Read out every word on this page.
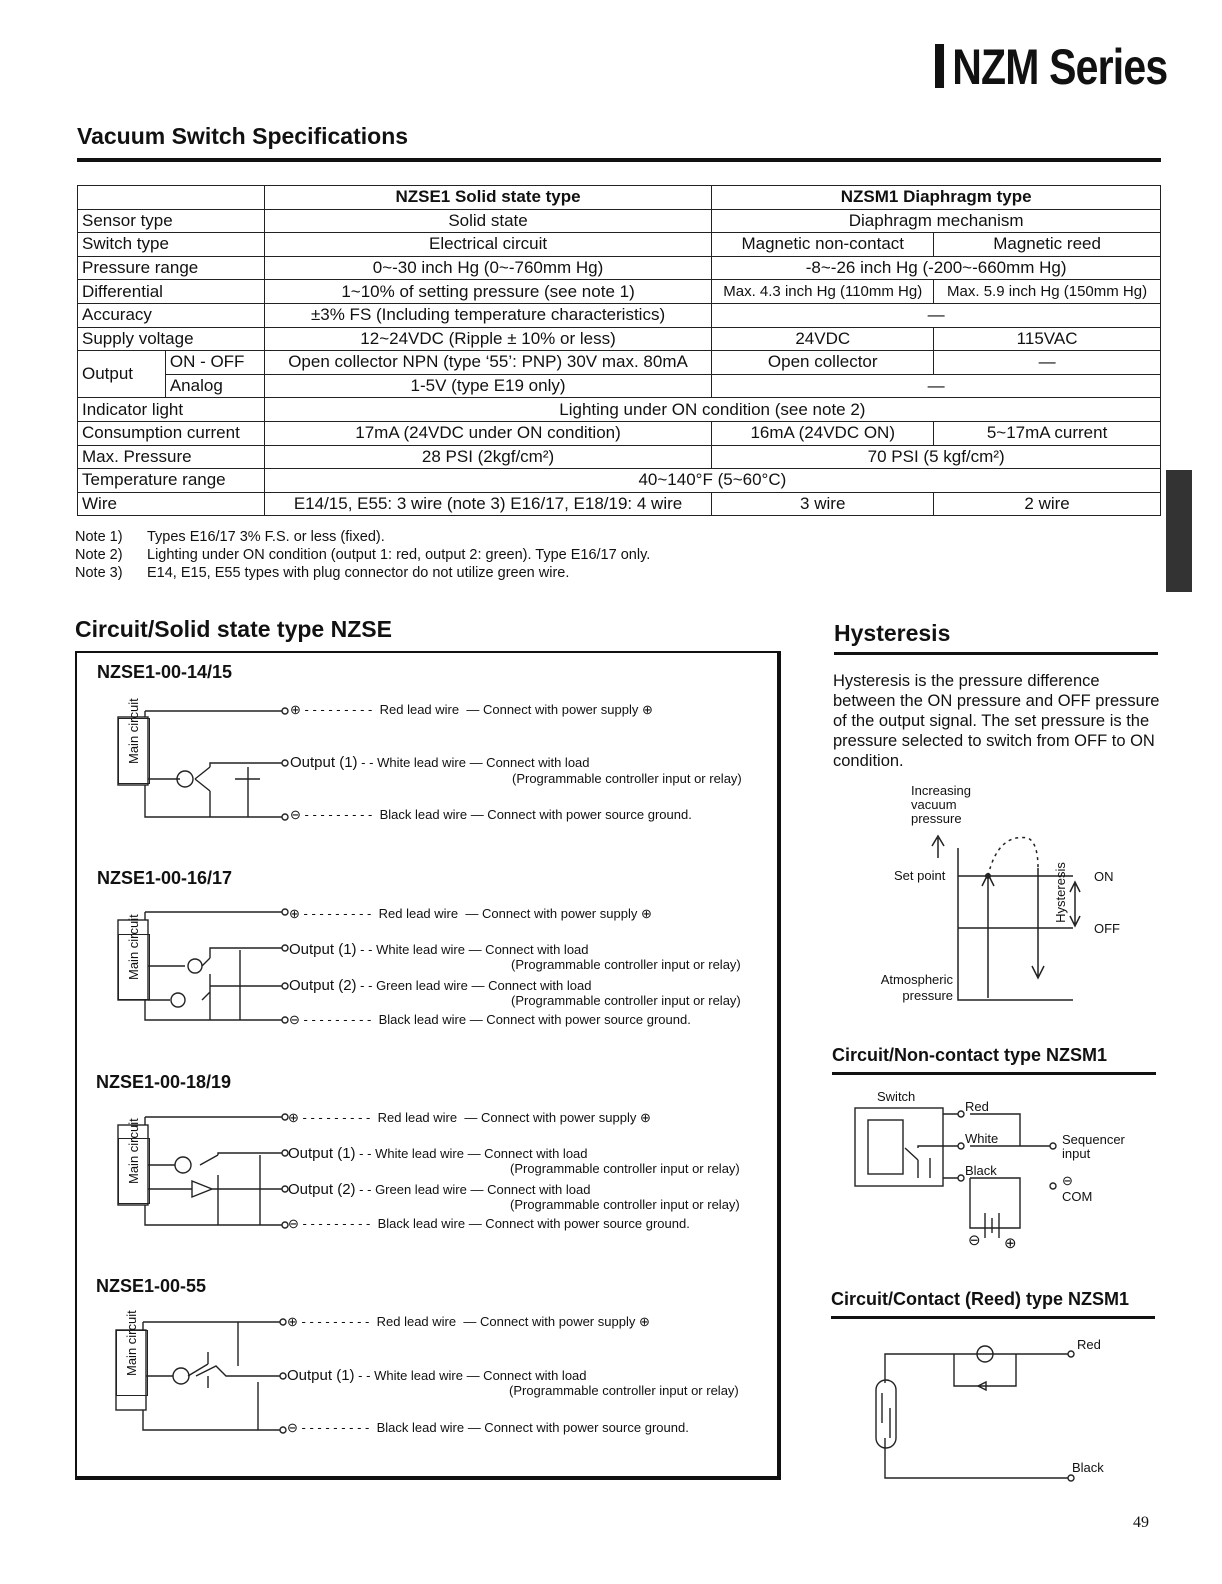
NZM Series
Vacuum Switch Specifications
		NZSE1 Solid state type	NZSM1 Diaphragm type	
Sensor type		Solid state	Diaphragm mechanism	
Switch type		Electrical circuit	Magnetic non-contact	Magnetic reed
Pressure range		0~-30 inch Hg (0~-760mm Hg)	-8~-26 inch Hg (-200~-660mm Hg)	
Differential		1~10% of setting pressure (see note 1)	Max. 4.3 inch Hg (110mm Hg)	Max. 5.9 inch Hg (150mm Hg)
Accuracy		±3% FS (Including temperature characteristics)	—	
Supply voltage		12~24VDC (Ripple ± 10% or less)	24VDC	115VAC
Output	ON - OFF	Open collector NPN (type ‘55’: PNP) 30V max. 80mA	Open collector	—
	Analog	1-5V (type E19 only)	—	
Indicator light		Lighting under ON condition (see note 2)		
Consumption current		17mA (24VDC under ON condition)	16mA (24VDC ON)	5~17mA current
Max. Pressure		28 PSI (2kgf/cm²)	70 PSI (5 kgf/cm²)	
Temperature range		40~140°F (5~60°C)		
Wire		E14/15, E55: 3 wire (note 3) E16/17, E18/19: 4 wire	3 wire	2 wire
Note 1) Types E16/17 3% F.S. or less (fixed).
Note 2) Lighting under ON condition (output 1: red, output 2: green). Type E16/17 only.
Note 3) E14, E15, E55 types with plug connector do not utilize green wire.
Circuit/Solid state type NZSE
NZSE1-00-14/15
Main circuit	⊕ - - - - - - - - - Red lead wire — Connect with power supply ⊕
Output (1) - - White lead wire — Connect with load
(Programmable controller input or relay)
⊖ - - - - - - - - - Black lead wire — Connect with power source ground.
NZSE1-00-16/17
Main circuit
⊕ - - - - - - - - - Red lead wire — Connect with power supply ⊕
Output (1) - - White lead wire — Connect with load
(Programmable controller input or relay)
Output (2) - - Green lead wire — Connect with load
(Programmable controller input or relay)
⊖ - - - - - - - - - Black lead wire — Connect with power source ground.
NZSE1-00-18/19
Main circuit
⊕ - - - - - - - - - Red lead wire — Connect with power supply ⊕
Output (1) - - White lead wire — Connect with load
(Programmable controller input or relay)
Output (2) - - Green lead wire — Connect with load
(Programmable controller input or relay)
⊖ - - - - - - - - - Black lead wire — Connect with power source ground.
NZSE1-00-55
Main circuit	⊕ - - - - - - - - - Red lead wire — Connect with power supply ⊕
Output (1) - - White lead wire — Connect with load
(Programmable controller input or relay)
⊖ - - - - - - - - - Black lead wire — Connect with power source ground.
Hysteresis
Hysteresis is the pressure difference between the ON pressure and OFF pressure of the output signal. The set pressure is the pressure selected to switch from OFF to ON condition.
Increasing
vacuum
pressure
Set point	ON
OFF
Hysteresis
Atmospheric
pressure
Circuit/Non-contact type NZSM1
Switch
Red
White
Black
Sequencer
input
⊖
COM
⊖ ⊕
Circuit/Contact (Reed) type NZSM1
Red
Black
49
